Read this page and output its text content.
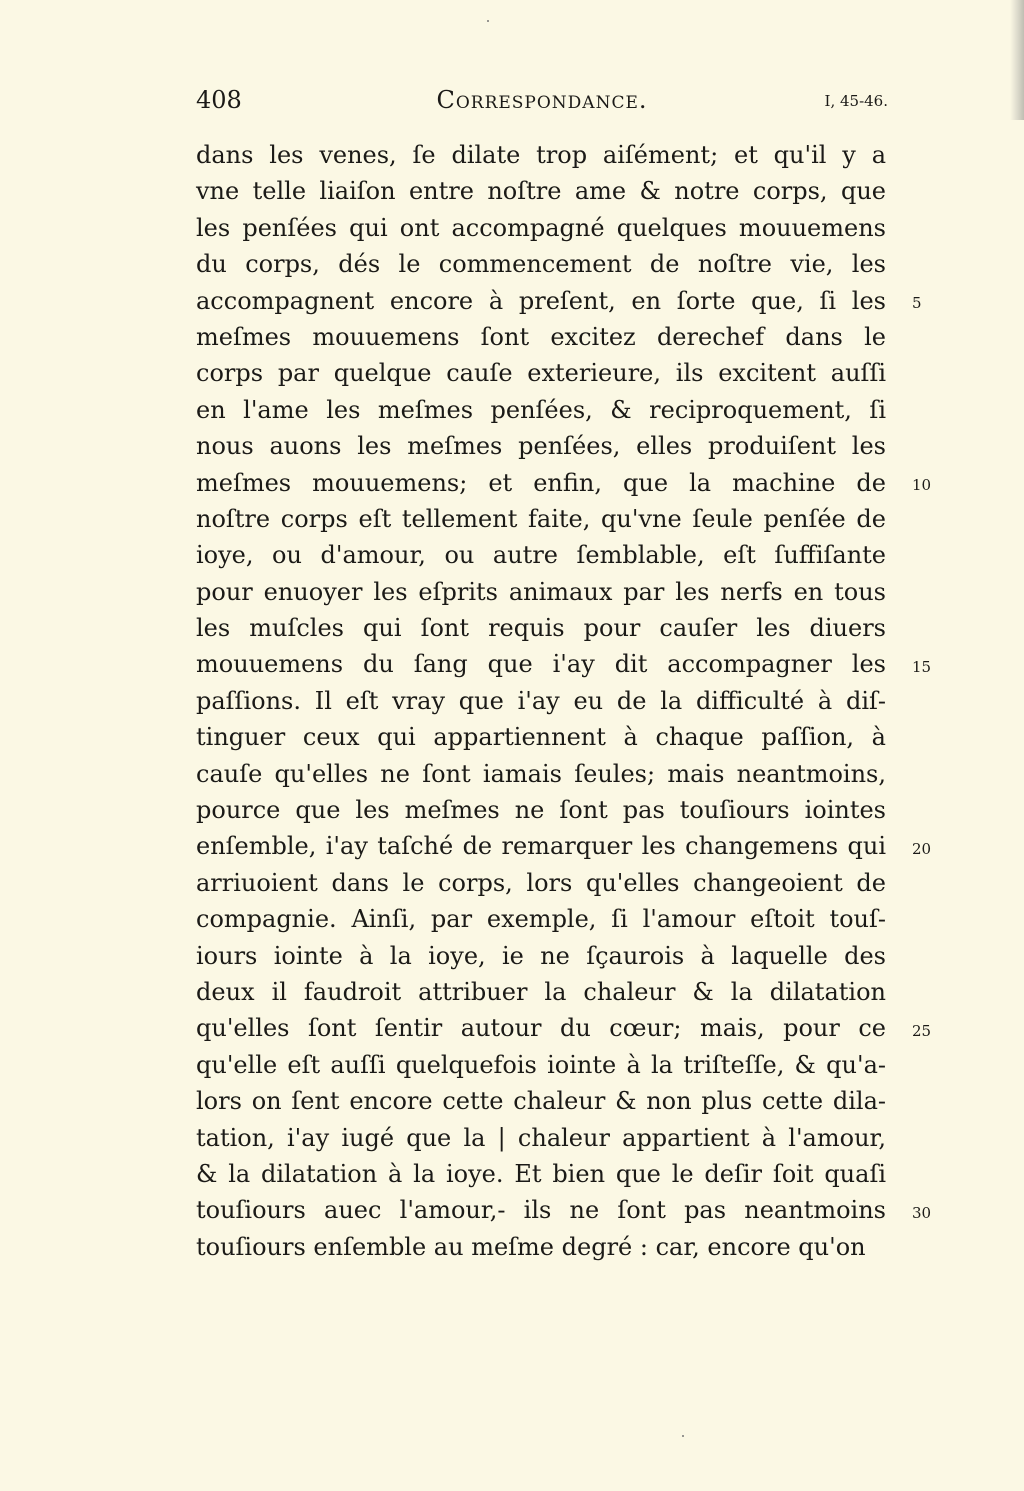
408	Correspondance.	I, 45-46.
dans les venes, ſe dilate trop aiſément; et qu'il y a
vne telle liaiſon entre noſtre ame & notre corps, que
les penſées qui ont accompagné quelques mouuemens
du corps, dés le commencement de noſtre vie, les
accompagnent encore à preſent, en ſorte que, ſi les
meſmes mouuemens ſont excitez derechef dans le
corps par quelque cauſe exterieure, ils excitent auſſi
en l'ame les meſmes penſées, & reciproquement, ſi
nous auons les meſmes penſées, elles produiſent les
meſmes mouuemens; et enfin, que la machine de
noſtre corps eſt tellement faite, qu'vne ſeule penſée de
ioye, ou d'amour, ou autre ſemblable, eſt ſuffiſante
pour enuoyer les eſprits animaux par les nerfs en tous
les muſcles qui ſont requis pour cauſer les diuers
mouuemens du ſang que i'ay dit accompagner les
paſſions. Il eſt vray que i'ay eu de la difficulté à diſ-
tinguer ceux qui appartiennent à chaque paſſion, à
cauſe qu'elles ne ſont iamais ſeules; mais neantmoins,
pource que les meſmes ne ſont pas touſiours iointes
enſemble, i'ay taſché de remarquer les changemens qui
arriuoient dans le corps, lors qu'elles changeoient de
compagnie. Ainſi, par exemple, ſi l'amour eſtoit touſ-
iours iointe à la ioye, ie ne ſçaurois à laquelle des
deux il faudroit attribuer la chaleur & la dilatation
qu'elles ſont ſentir autour du cœur; mais, pour ce
qu'elle eſt auſſi quelquefois iointe à la triſteſſe, & qu'a-
lors on ſent encore cette chaleur & non plus cette dila-
tation, i'ay iugé que la | chaleur appartient à l'amour,
& la dilatation à la ioye. Et bien que le deſir ſoit quaſi
touſiours auec l'amour,- ils ne ſont pas neantmoins
touſiours enſemble au meſme degré : car, encore qu'on
5
10
15
20
25
30
